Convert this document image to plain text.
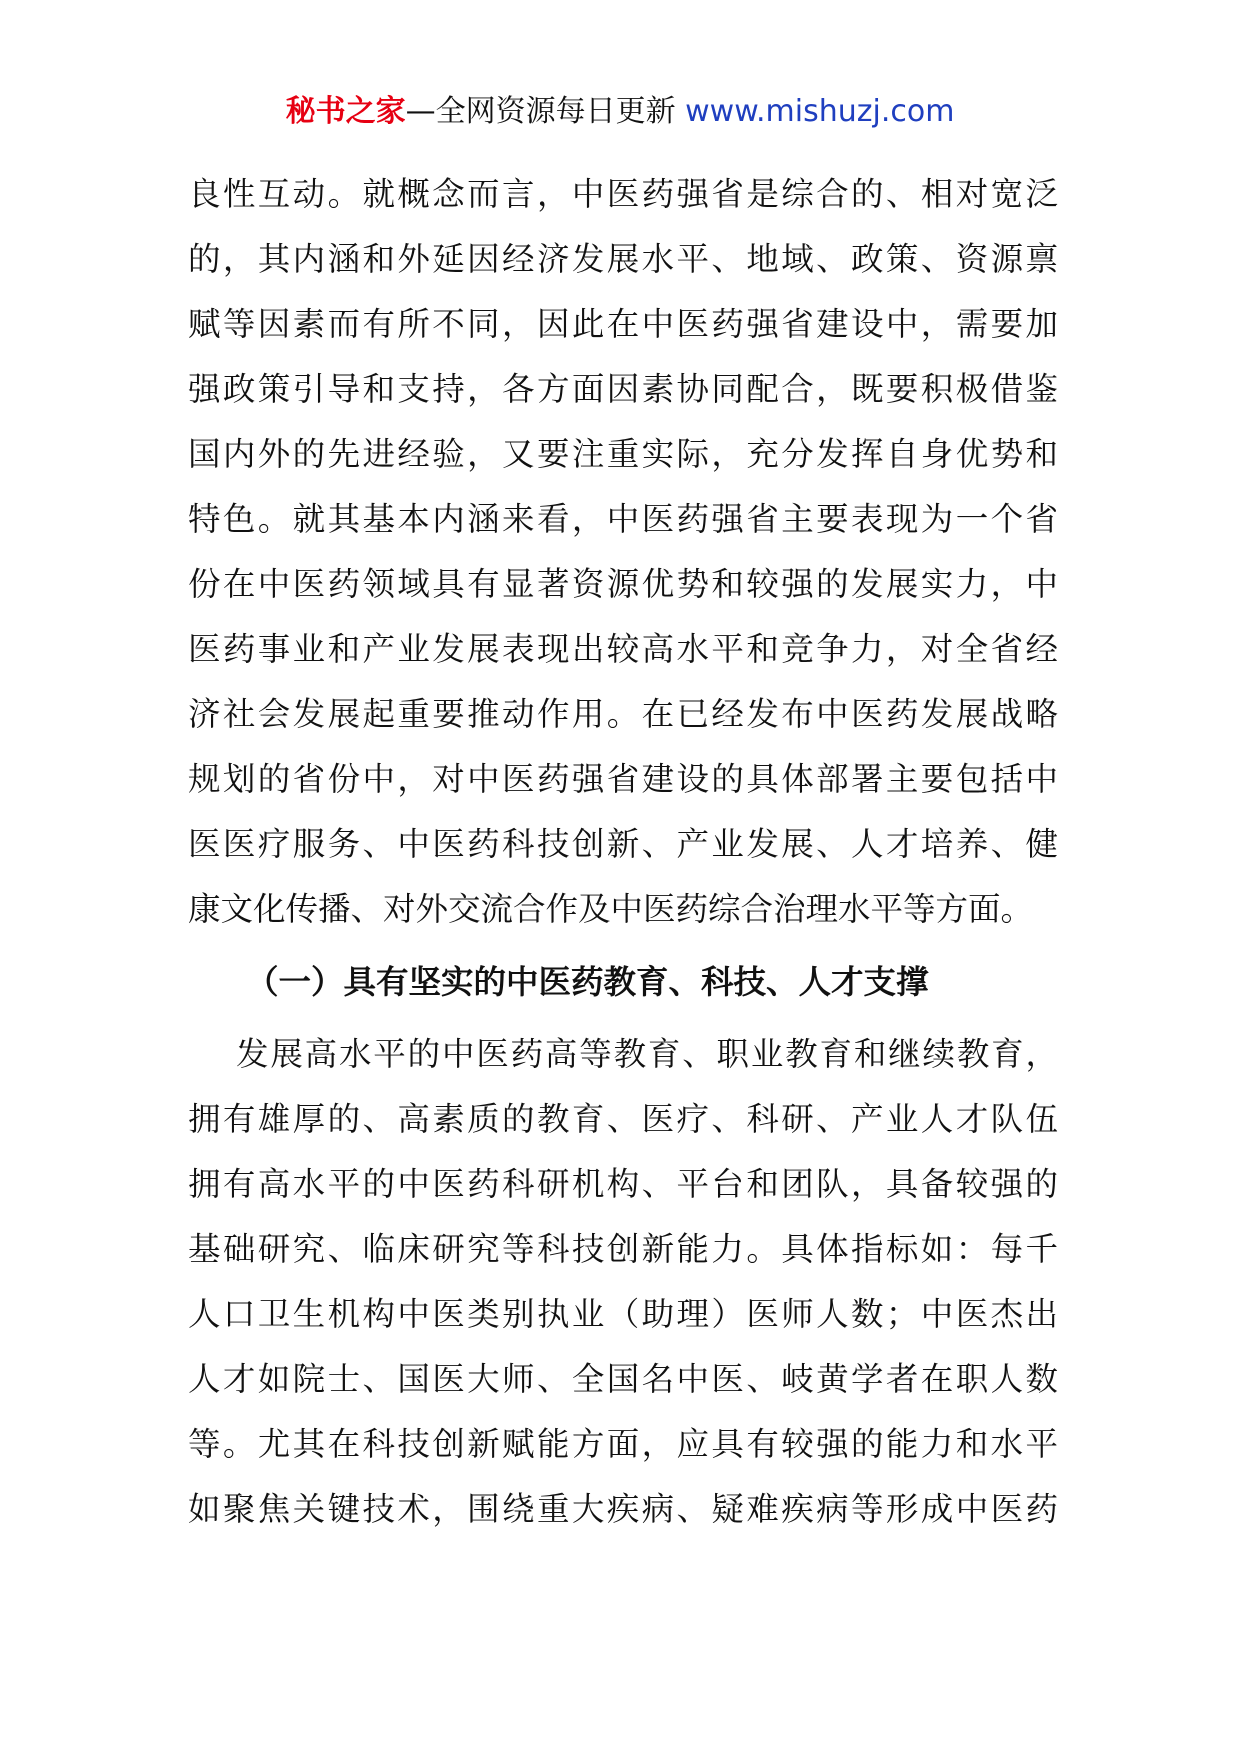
秘书之家—全网资源每日更新 www.mishuzj.com
良性互动。就概念而言，中医药强省是综合的、相对宽泛
的，其内涵和外延因经济发展水平、地域、政策、资源禀
赋等因素而有所不同，因此在中医药强省建设中，需要加
强政策引导和支持，各方面因素协同配合，既要积极借鉴
国内外的先进经验，又要注重实际，充分发挥自身优势和
特色。就其基本内涵来看，中医药强省主要表现为一个省
份在中医药领域具有显著资源优势和较强的发展实力，中
医药事业和产业发展表现出较高水平和竞争力，对全省经
济社会发展起重要推动作用。在已经发布中医药发展战略
规划的省份中，对中医药强省建设的具体部署主要包括中
医医疗服务、中医药科技创新、产业发展、人才培养、健
康文化传播、对外交流合作及中医药综合治理水平等方面。
（一）具有坚实的中医药教育、科技、人才支撑
发展高水平的中医药高等教育、职业教育和继续教育，
拥有雄厚的、高素质的教育、医疗、科研、产业人才队伍
拥有高水平的中医药科研机构、平台和团队，具备较强的
基础研究、临床研究等科技创新能力。具体指标如：每千
人口卫生机构中医类别执业（助理）医师人数；中医杰出
人才如院士、国医大师、全国名中医、岐黄学者在职人数
等。尤其在科技创新赋能方面，应具有较强的能力和水平
如聚焦关键技术，围绕重大疾病、疑难疾病等形成中医药
